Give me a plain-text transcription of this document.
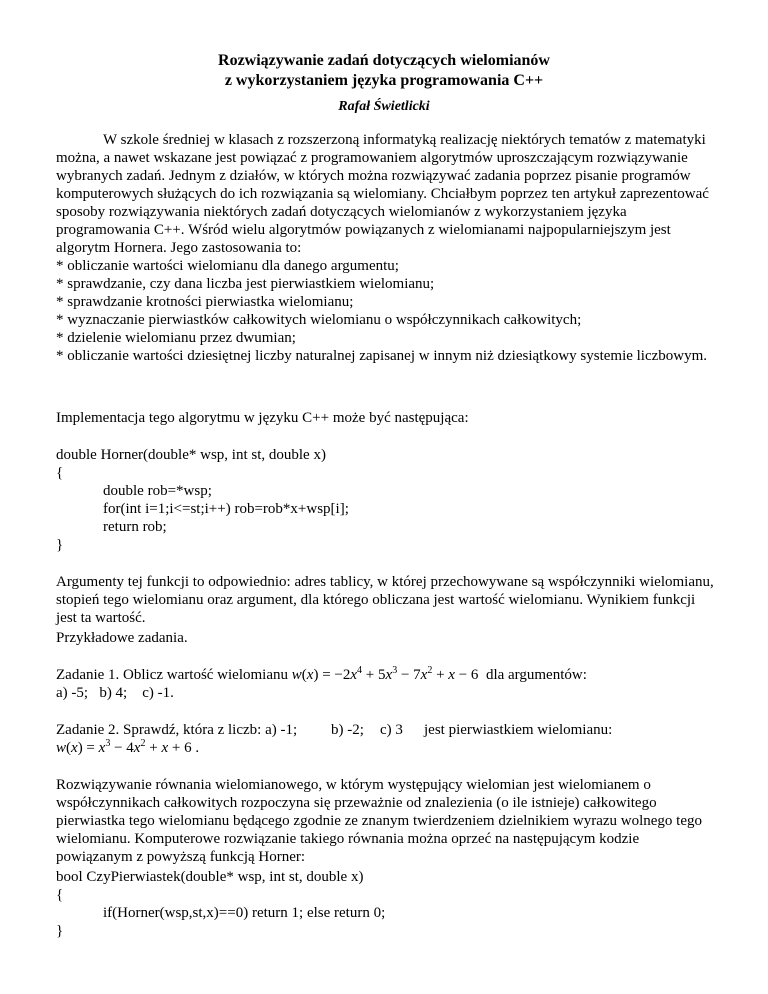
Rozwiązywanie zadań dotyczących wielomianów
z wykorzystaniem języka programowania C++
Rafał Świetlicki

W szkole średniej w klasach z rozszerzoną informatyką realizację niektórych tematów z matematyki można, a nawet wskazane jest powiązać z programowaniem algorytmów uproszczającym rozwiązywanie wybranych zadań. Jednym z działów, w których można rozwiązywać zadania poprzez pisanie programów komputerowych służących do ich rozwiązania są wielomiany. Chciałbym poprzez ten artykuł zaprezentować sposoby rozwiązywania niektórych zadań dotyczących wielomianów z wykorzystaniem języka programowania C++. Wśród wielu algorytmów powiązanych z wielomianami najpopularniejszym jest algorytm Hornera. Jego zastosowania to:

* obliczanie wartości wielomianu dla danego argumentu;

* sprawdzanie, czy dana liczba jest pierwiastkiem wielomianu;

* sprawdzanie krotności pierwiastka wielomianu;

* wyznaczanie pierwiastków całkowitych wielomianu o współczynnikach całkowitych;

* dzielenie wielomianu przez dwumian;

* obliczanie wartości dziesiętnej liczby naturalnej zapisanej w innym niż dziesiątkowy systemie liczbowym.

Implementacja tego algorytmu w języku C++ może być następująca:
double Horner(double* wsp, int st, double x)
{
double rob=*wsp;
for(int i=1;i<=st;i++) rob=rob*x+wsp[i];
return rob;
}

Argumenty tej funkcji to odpowiednio: adres tablicy, w której przechowywane są współczynniki wielomianu, stopień tego wielomianu oraz argument, dla którego obliczana jest wartość wielomianu. Wynikiem funkcji jest ta wartość.

Przykładowe zadania.
Zadanie 1. Oblicz wartość wielomianu $w(x) = -2x^4 + 5x^3 - 7x^2 + x - 6$  dla argumentów:
a) -5;   b) 4;    c) -1.
Zadanie 2. Sprawdź, która z liczb: a) -1; b) -2; c) 3 jest pierwiastkiem wielomianu:
$w(x) = x^3 - 4x^2 + x + 6$ .

Rozwiązywanie równania wielomianowego, w którym występujący wielomian jest wielomianem o współczynnikach całkowitych rozpoczyna się przeważnie od znalezienia (o ile istnieje) całkowitego pierwiastka tego wielomianu będącego zgodnie ze znanym twierdzeniem dzielnikiem wyrazu wolnego tego wielomianu. Komputerowe rozwiązanie takiego równania można oprzeć na następującym kodzie powiązanym z powyższą funkcją Horner:

bool CzyPierwiastek(double* wsp, int st, double x)
{
if(Horner(wsp,st,x)==0) return 1; else return 0;
}
